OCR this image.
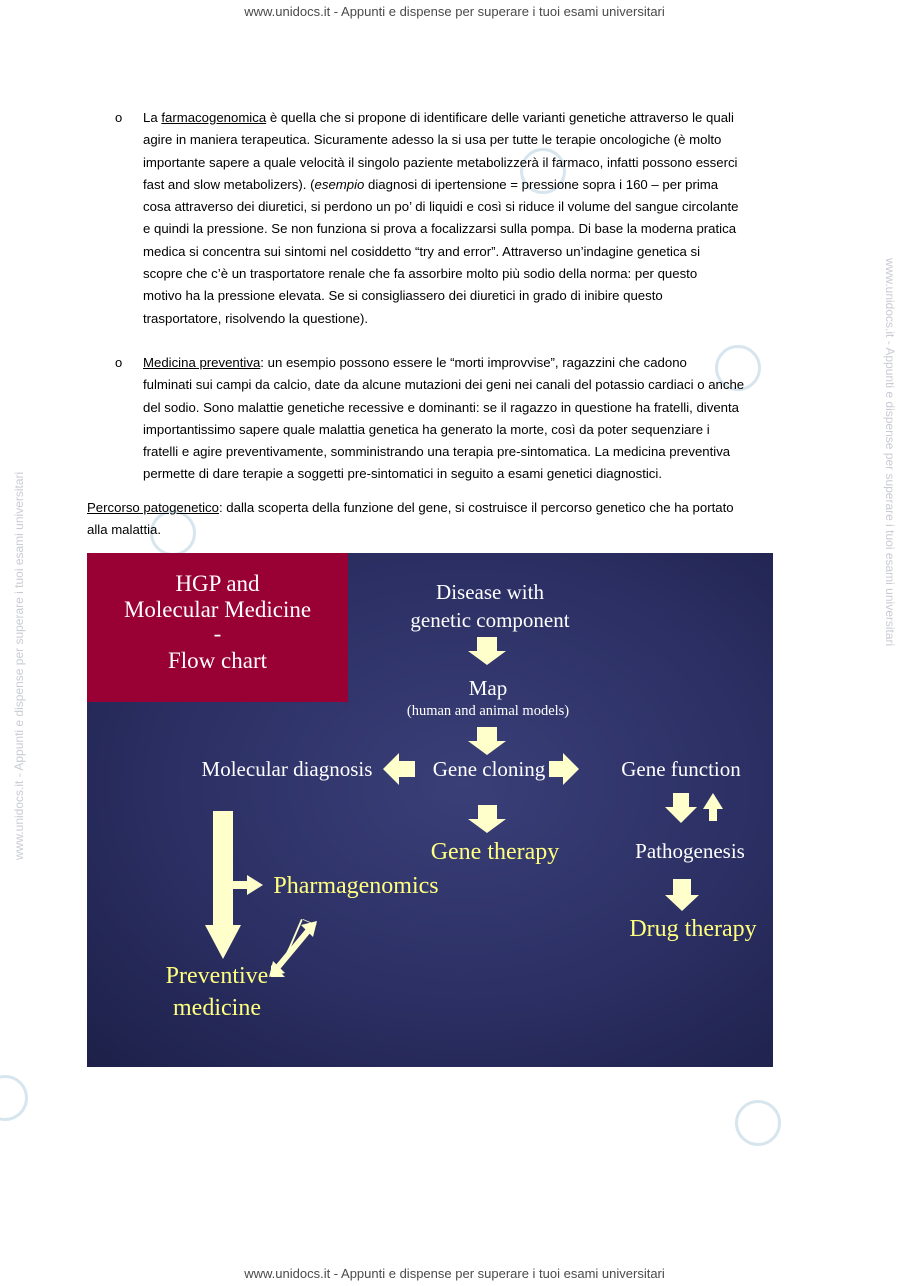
www.unidocs.it - Appunti e dispense per superare i tuoi esami universitari
www.unidocs.it - Appunti e dispense per superare i tuoi esami universitari
www.unidocs.it - Appunti e dispense per superare i tuoi esami universitari
www.unidocs.it - Appunti e dispense per superare i tuoi esami universitari
o La farmacogenomica è quella che si propone di identificare delle varianti genetiche attraverso le quali
agire in maniera terapeutica. Sicuramente adesso la si usa per tutte le terapie oncologiche (è molto
importante sapere a quale velocità il singolo paziente metabolizzerà il farmaco, infatti possono esserci
fast and slow metabolizers). (esempio diagnosi di ipertensione = pressione sopra i 160 – per prima
cosa attraverso dei diuretici, si perdono un po’ di liquidi e così si riduce il volume del sangue circolante
e quindi la pressione. Se non funziona si prova a focalizzarsi sulla pompa. Di base la moderna pratica
medica si concentra sui sintomi nel cosiddetto “try and error”. Attraverso un’indagine genetica si
scopre che c’è un trasportatore renale che fa assorbire molto più sodio della norma: per questo
motivo ha la pressione elevata. Se si consigliassero dei diuretici in grado di inibire questo
trasportatore, risolvendo la questione).
o Medicina preventiva: un esempio possono essere le “morti improvvise”, ragazzini che cadono
fulminati sui campi da calcio, date da alcune mutazioni dei geni nei canali del potassio cardiaci o anche
del sodio. Sono malattie genetiche recessive e dominanti: se il ragazzo in questione ha fratelli, diventa
importantissimo sapere quale malattia genetica ha generato la morte, così da poter sequenziare i
fratelli e agire preventivamente, somministrando una terapia pre-sintomatica. La medicina preventiva
permette di dare terapie a soggetti pre-sintomatici in seguito a esami genetici diagnostici.
Percorso patogenetico: dalla scoperta della funzione del gene, si costruisce il percorso genetico che ha portato
alla malattia.
HGP and
Molecular Medicine
-
Flow chart
Disease with
genetic component
Map
(human and animal models)
Molecular diagnosis	Gene cloning	Gene function
Gene therapy	Pathogenesis
Pharmagenomics
Drug therapy
Preventive
medicine
